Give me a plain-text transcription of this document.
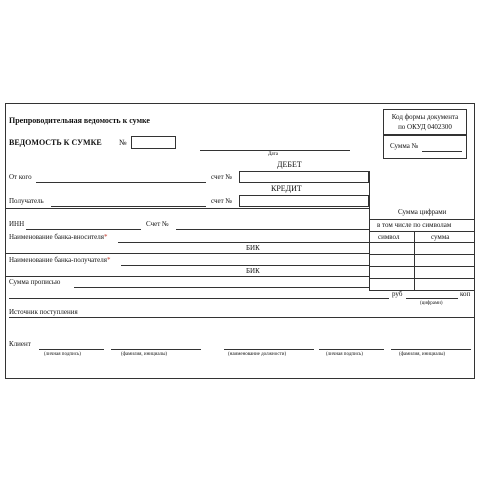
Препроводительная ведомость к сумке	Код формы документа
по ОКУД 0402300
ВЕДОМОСТЬ К СУМКЕ №
Дата
Сумма №
ДЕБЕТ
От кого	счет №
КРЕДИТ
Сумма цифрами
в том числе по символам
символ	сумма
Получатель	счет №
ИНН	Счет №
Наименование банка-вносителя*
БИК
Наименование банка-получателя*
БИК
Сумма прописью
руб	коп
(цифрами)
Источник поступления
Клиент
(личная подпись)	(фамилия, инициалы)	(наименование должности)	(личная подпись)	(фамилия, инициалы)
